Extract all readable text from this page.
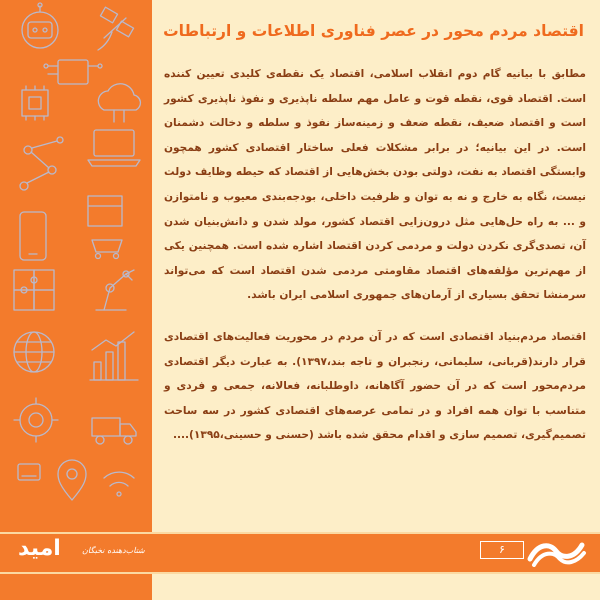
اقتصاد مردم محور در عصر فناوری اطلاعات و ارتباطات

مطابق با بیانیه گام دوم انقلاب اسلامی، اقتصاد یک نقطه‌ی کلیدی تعیین کننده است. اقتصاد قوی، نقطه قوت و عامل مهم سلطه ناپذیری و نفوذ ناپذیری کشور است و اقتصاد ضعیف، نقطه ضعف و زمینه‌ساز نفوذ و سلطه و دخالت دشمنان است. در این بیانیه؛ در برابر مشکلات فعلی ساختار اقتصادی کشور همچون وابستگی اقتصاد به نفت، دولتی بودن بخش‌هایی از اقتصاد که حیطه وظایف دولت نیست، نگاه به خارج و نه به توان و ظرفیت داخلی، بودجه‌بندی معیوب و نامتوازن و ... به راه حل‌هایی مثل درون‌زایی اقتصاد کشور، مولد شدن و دانش‌بنیان شدن آن، تصدی‌گری نکردن دولت و مردمی کردن اقتصاد اشاره شده است. همچنین یکی از مهم‌ترین مؤلفه‌های اقتصاد مقاومتی مردمی شدن اقتصاد است که می‌تواند سرمنشا تحقق بسیاری از آرمان‌های جمهوری اسلامی ایران باشد.

اقتصاد مردم‌بنیاد اقتصادی است که در آن مردم در محوریت فعالیت‌های اقتصادی قرار دارند(قربانی، سلیمانی، رنجبران و تاجه بند،۱۳۹۷). به عبارت دیگر اقتصادی مردم‌محور است که در آن حضور آگاهانه، داوطلبانه، فعالانه، جمعی و فردی و متناسب با توان همه افراد و در تمامی عرصه‌های اقتصادی کشور در سه ساحت تصمیم‌گیری، تصمیم سازی و اقدام محقق شده باشد (حسنی و حسینی،۱۳۹۵)....

امید	شتاب‌دهنده نخبگان	۶
